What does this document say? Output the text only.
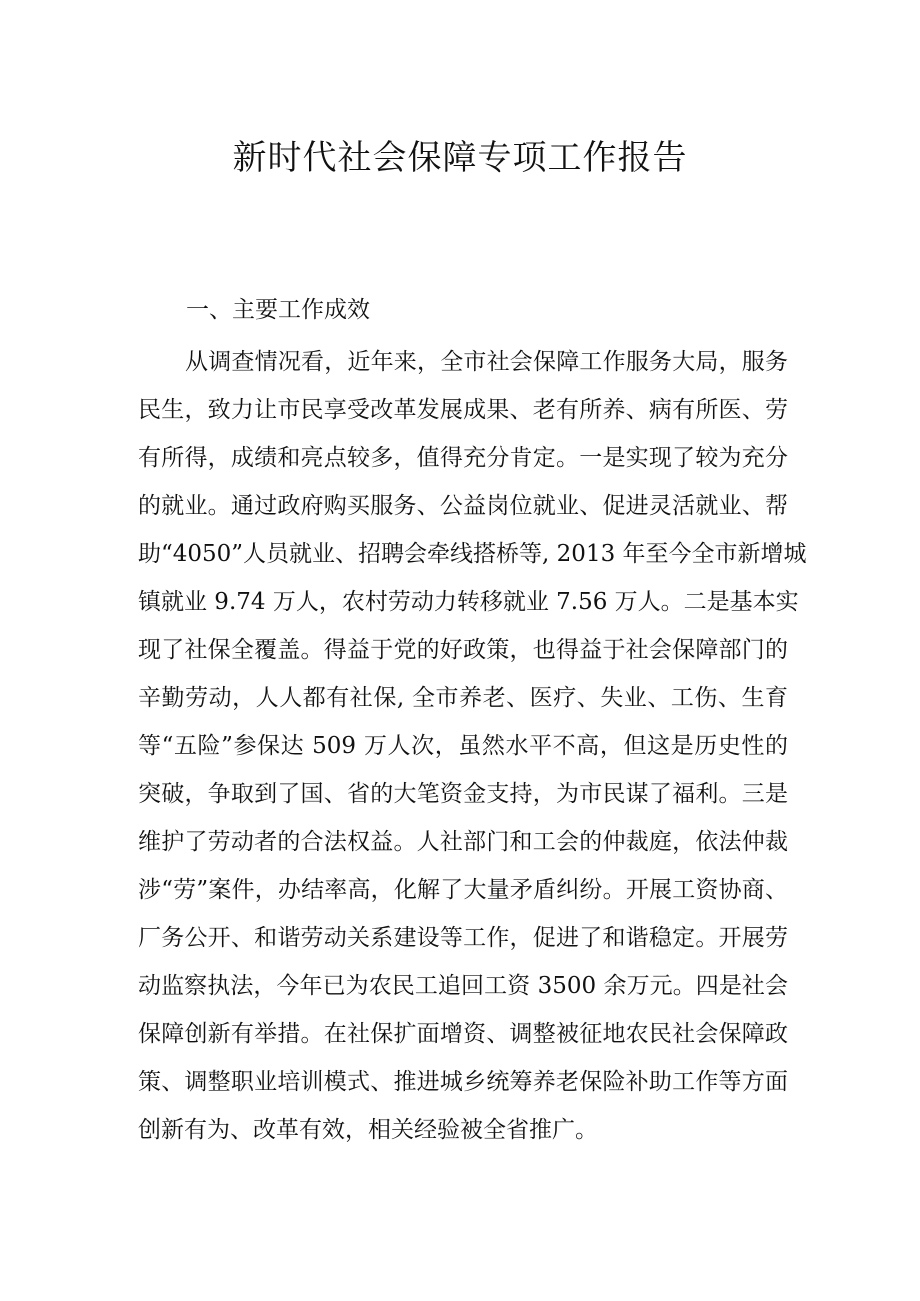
新时代社会保障专项工作报告
一、主要工作成效
从调查情况看，近年来，全市社会保障工作服务大局，服务
民生，致力让市民享受改革发展成果、老有所养、病有所医、劳
有所得，成绩和亮点较多，值得充分肯定。一是实现了较为充分
的就业。通过政府购买服务、公益岗位就业、促进灵活就业、帮
助“4050”人员就业、招聘会牵线搭桥等, 2013 年至今全市新增城
镇就业 9.74 万人，农村劳动力转移就业 7.56 万人。二是基本实
现了社保全覆盖。得益于党的好政策，也得益于社会保障部门的
辛勤劳动，人人都有社保, 全市养老、医疗、失业、工伤、生育
等“五险”参保达 509 万人次，虽然水平不高，但这是历史性的
突破，争取到了国、省的大笔资金支持，为市民谋了福利。三是
维护了劳动者的合法权益。人社部门和工会的仲裁庭，依法仲裁
涉“劳”案件，办结率高，化解了大量矛盾纠纷。开展工资协商、
厂务公开、和谐劳动关系建设等工作，促进了和谐稳定。开展劳
动监察执法，今年已为农民工追回工资 3500 余万元。四是社会
保障创新有举措。在社保扩面增资、调整被征地农民社会保障政
策、调整职业培训模式、推进城乡统筹养老保险补助工作等方面
创新有为、改革有效，相关经验被全省推广。
